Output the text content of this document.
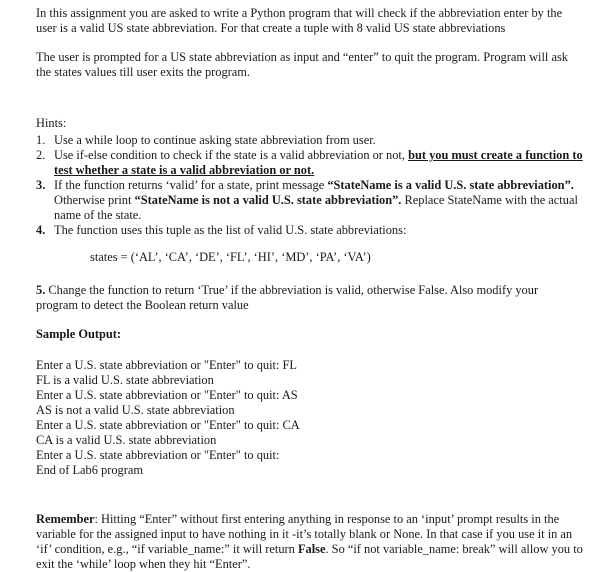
In this assignment you are asked to write a Python program that will check if the abbreviation enter by the user is a valid US state abbreviation. For that create a tuple with 8 valid US state abbreviations

The user is prompted for a US state abbreviation as input and “enter” to quit the program. Program will ask the states values till user exits the program.

Hints:

1. Use a while loop to continue asking state abbreviation from user.
2. Use if-else condition to check if the state is a valid abbreviation or not, but you must create a function to test whether a state is a valid abbreviation or not.
3. If the function returns ‘valid’ for a state, print message “StateName is a valid U.S. state abbreviation”. Otherwise print “StateName is not a valid U.S. state abbreviation”. Replace StateName with the actual name of the state.
4. The function uses this tuple as the list of valid U.S. state abbreviations:

states = (‘AL’, ‘CA’, ‘DE’, ‘FL’, ‘HI’, ‘MD’, ‘PA’, ‘VA’)

5. Change the function to return ‘True’ if the abbreviation is valid, otherwise False. Also modify your program to detect the Boolean return value

Sample Output:

Enter a U.S. state abbreviation or "Enter" to quit: FL

FL is a valid U.S. state abbreviation

Enter a U.S. state abbreviation or "Enter" to quit: AS

AS is not a valid U.S. state abbreviation

Enter a U.S. state abbreviation or "Enter" to quit: CA

CA is a valid U.S. state abbreviation

Enter a U.S. state abbreviation or "Enter" to quit:

End of Lab6 program

Remember: Hitting “Enter” without first entering anything in response to an ‘input’ prompt results in the variable for the assigned input to have nothing in it -it’s totally blank or None. In that case if you use it in an ‘if’ condition, e.g., “if variable_name:” it will return False. So “if not variable_name: break” will allow you to exit the ‘while’ loop when they hit “Enter”.
